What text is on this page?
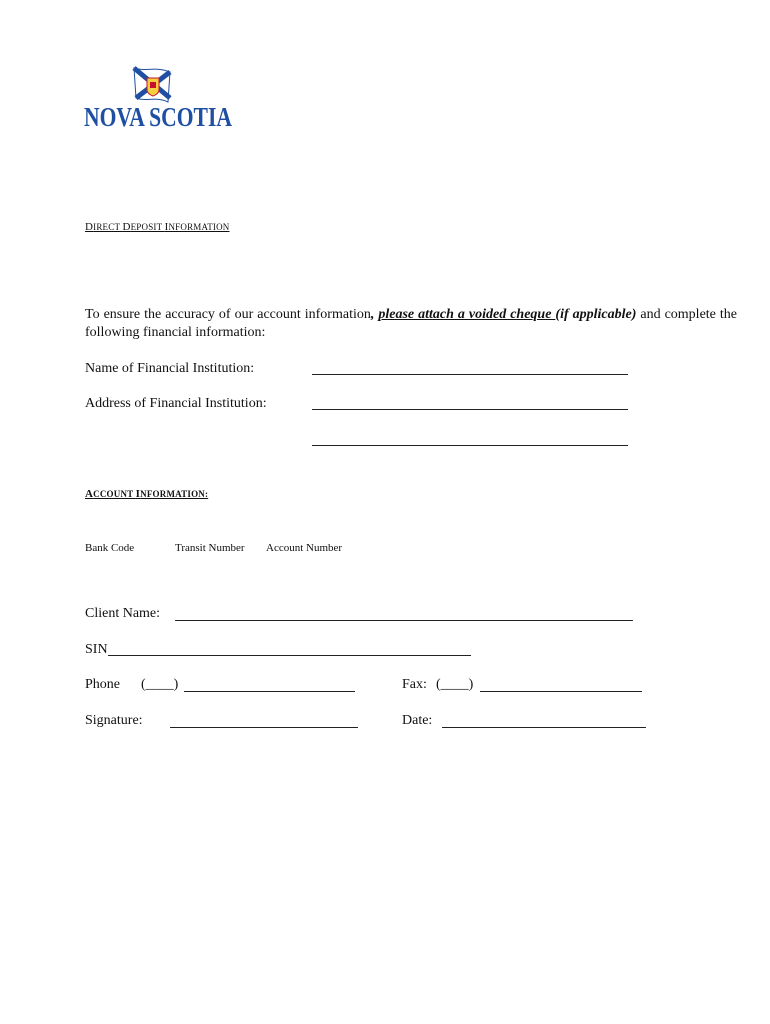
NOVA SCOTIA
DIRECT DEPOSIT INFORMATION
To ensure the accuracy of our account information, please attach a voided cheque (if applicable) and complete the following financial information:
Name of Financial Institution:
Address of Financial Institution:
ACCOUNT INFORMATION:
Bank Code	Transit Number Account Number
Client Name:
SIN
Phone (____)	Fax: (____)
Signature:	Date:
